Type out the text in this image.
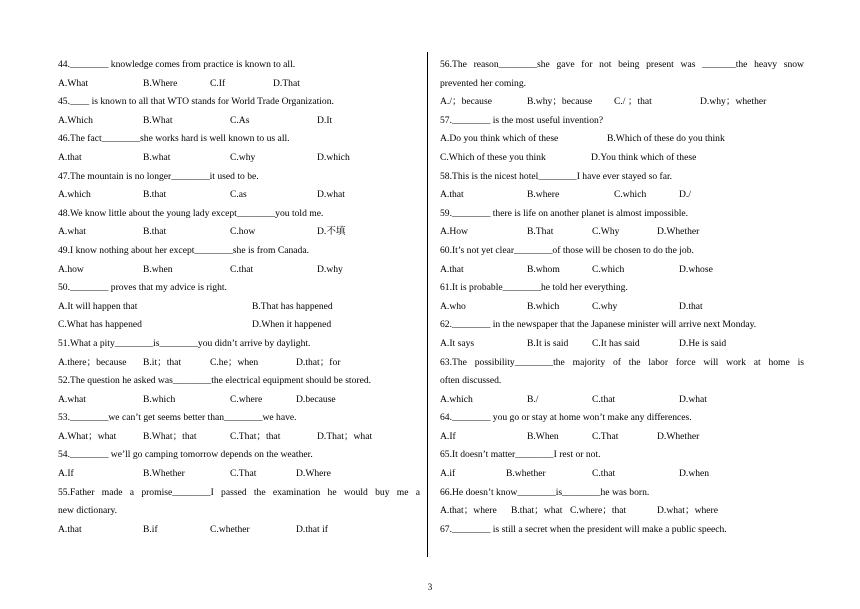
44.________ knowledge comes from practice is known to all.
A.What	B.Where	C.If	D.That
45.____ is known to all that WTO stands for World Trade Organization.
A.Which	B.What	C.As	D.It
46.The fact________she works hard is well known to us all.
A.that	B.what	C.why	D.which
47.The mountain is no longer________it used to be.
A.which	B.that	C.as	D.what
48.We know little about the young lady except________you told me.
A.what	B.that	C.how	D.不填
49.I know nothing about her except________she is from Canada.
A.how	B.when	C.that	D.why
50.________ proves that my advice is right.
A.It will happen that	B.That has happened
C.What has happened	D.When it happened
51.What a pity________is________you didn’t arrive by daylight.
A.there；because B.it；that	C.he；when	D.that；for
52.The question he asked was________the electrical equipment should be stored.
A.what	B.which	C.where	D.because
53.________we can’t get seems better than________we have.
A.What；what	B.What；that	C.That；that	D.That；what
54.________ we’ll go camping tomorrow depends on the weather.
A.If	B.Whether	C.That	D.Where
55.Father made a promise________I passed the examination he would buy me a
new dictionary.
A.that	B.if	C.whether	D.that if
56.The reason________she gave for not being present was _______the heavy snow
prevented her coming.
A./；because	B.why；because C./ ；that	D.why；whether
57.________ is the most useful invention?
A.Do you think which of these	B.Which of these do you think
C.Which of these you think	D.You think which of these
58.This is the nicest hotel________I have ever stayed so far.
A.that	B.where	C.which	D./
59.________ there is life on another planet is almost impossible.
A.How	B.That	C.Why	D.Whether
60.It’s not yet clear________of those will be chosen to do the job.
A.that	B.whom	C.which	D.whose
61.It is probable________he told her everything.
A.who	B.which	C.why	D.that
62.________ in the newspaper that the Japanese minister will arrive next Monday.
A.It says	B.It is said C.It has said	D.He is said
63.The possibility________the majority of the labor force will work at home is
often discussed.
A.which	B./	C.that	D.what
64.________ you go or stay at home won’t make any differences.
A.If	B.When	C.That	D.Whether
65.It doesn’t matter________I rest or not.
A.if	B.whether	C.that	D.when
66.He doesn’t know________is________he was born.
A.that；where B.that；what C.where；that	D.what；where
67.________ is still a secret when the president will make a public speech.
3
